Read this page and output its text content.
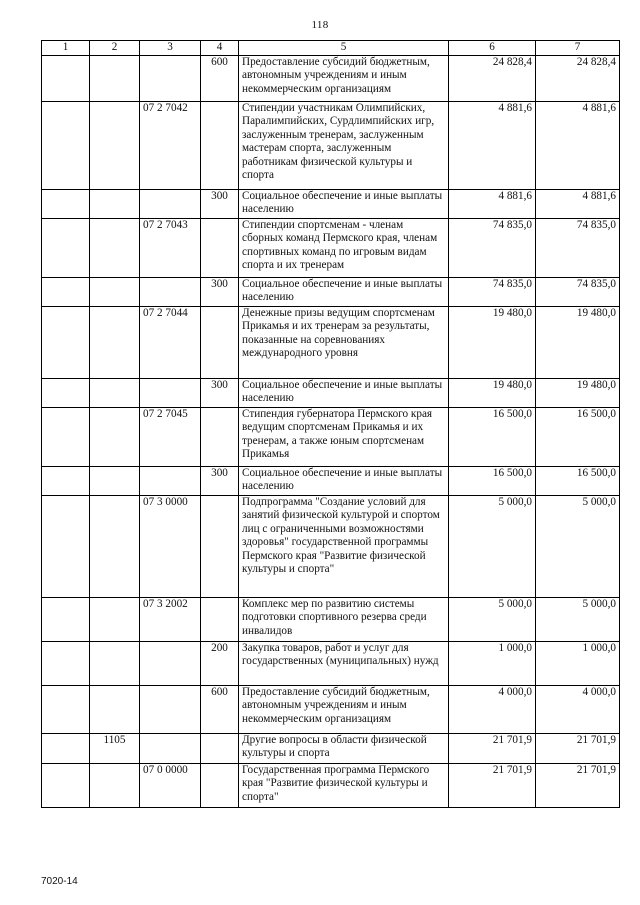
118
1	2	3	4	5	6	7
			600	Предоставление субсидий бюджетным, автономным учреждениям и иным некоммерческим организациям	24 828,4	24 828,4
		07 2 7042		Стипендии участникам Олимпийских, Паралимпийских, Сурдлимпийских игр, заслуженным тренерам, заслуженным мастерам спорта, заслуженным работникам физической культуры и спорта	4 881,6	4 881,6
			300	Социальное обеспечение и иные выплаты населению	4 881,6	4 881,6
		07 2 7043		Стипендии спортсменам - членам сборных команд Пермского края, членам спортивных команд по игровым видам спорта и их тренерам	74 835,0	74 835,0
			300	Социальное обеспечение и иные выплаты населению	74 835,0	74 835,0
		07 2 7044		Денежные призы ведущим спортсменам Прикамья и их тренерам за результаты, показанные на соревнованиях международного уровня	19 480,0	19 480,0
			300	Социальное обеспечение и иные выплаты населению	19 480,0	19 480,0
		07 2 7045		Стипендия губернатора Пермского края ведущим спортсменам Прикамья и их тренерам, а также юным спортсменам Прикамья	16 500,0	16 500,0
			300	Социальное обеспечение и иные выплаты населению	16 500,0	16 500,0
		07 3 0000		Подпрограмма "Создание условий для занятий физической культурой и спортом лиц с ограниченными возможностями здоровья" государственной программы Пермского края "Развитие физической культуры и спорта"	5 000,0	5 000,0
		07 3 2002		Комплекс мер по развитию системы подготовки спортивного резерва среди инвалидов	5 000,0	5 000,0
			200	Закупка товаров, работ и услуг для государственных (муниципальных) нужд	1 000,0	1 000,0
			600	Предоставление субсидий бюджетным, автономным учреждениям и иным некоммерческим организациям	4 000,0	4 000,0
	1105			Другие вопросы в области физической культуры и спорта	21 701,9	21 701,9
		07 0 0000		Государственная программа Пермского края "Развитие физической культуры и спорта"	21 701,9	21 701,9
7020-14
